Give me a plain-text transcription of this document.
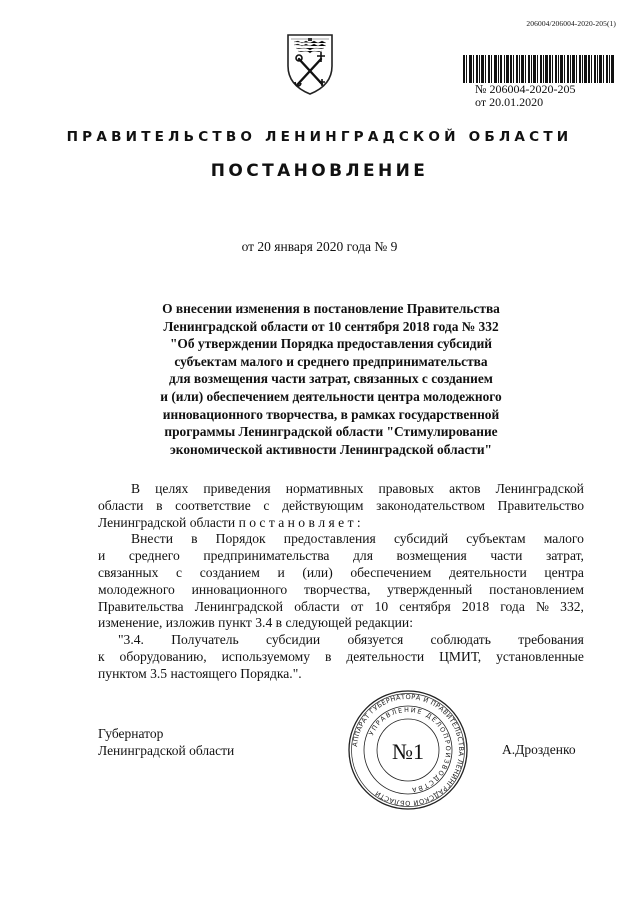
206004/206004-2020-205(1)
№ 206004-2020-205
от 20.01.2020
ПРАВИТЕЛЬСТВО ЛЕНИНГРАДСКОЙ ОБЛАСТИ
ПОСТАНОВЛЕНИЕ
от 20 января 2020 года № 9
О внесении изменения в постановление Правительства
Ленинградской области от 10 сентября 2018 года № 332
"Об утверждении Порядка предоставления субсидий
субъектам малого и среднего предпринимательства
для возмещения части затрат, связанных с созданием
и (или) обеспечением деятельности центра молодежного
инновационного творчества, в рамках государственной
программы Ленинградской области "Стимулирование
экономической активности Ленинградской области"
В целях приведения нормативных правовых актов Ленинградской
области в соответствие с действующим законодательством Правительство
Ленинградской области п о с т а н о в л я е т :
Внести в Порядок предоставления субсидий субъектам малого
и среднего предпринимательства для возмещения части затрат,
связанных с созданием и (или) обеспечением деятельности центра
молодежного инновационного творчества, утвержденный постановлением
Правительства Ленинградской области от 10 сентября 2018 года № 332,
изменение, изложив пункт 3.4 в следующей редакции:
"3.4. Получатель субсидии обязуется соблюдать требования
к оборудованию, используемому в деятельности ЦМИТ, установленные
пунктом 3.5 настоящего Порядка.".
Губернатор
Ленинградской области	А.Дрозденко
АППАРАТ ГУБЕРНАТОРА И ПРАВИТЕЛЬСТВА ЛЕНИНГРАДСКОЙ ОБЛАСТИ
УПРАВЛЕНИЕ ДЕЛОПРОИЗВОДСТВА
№1
